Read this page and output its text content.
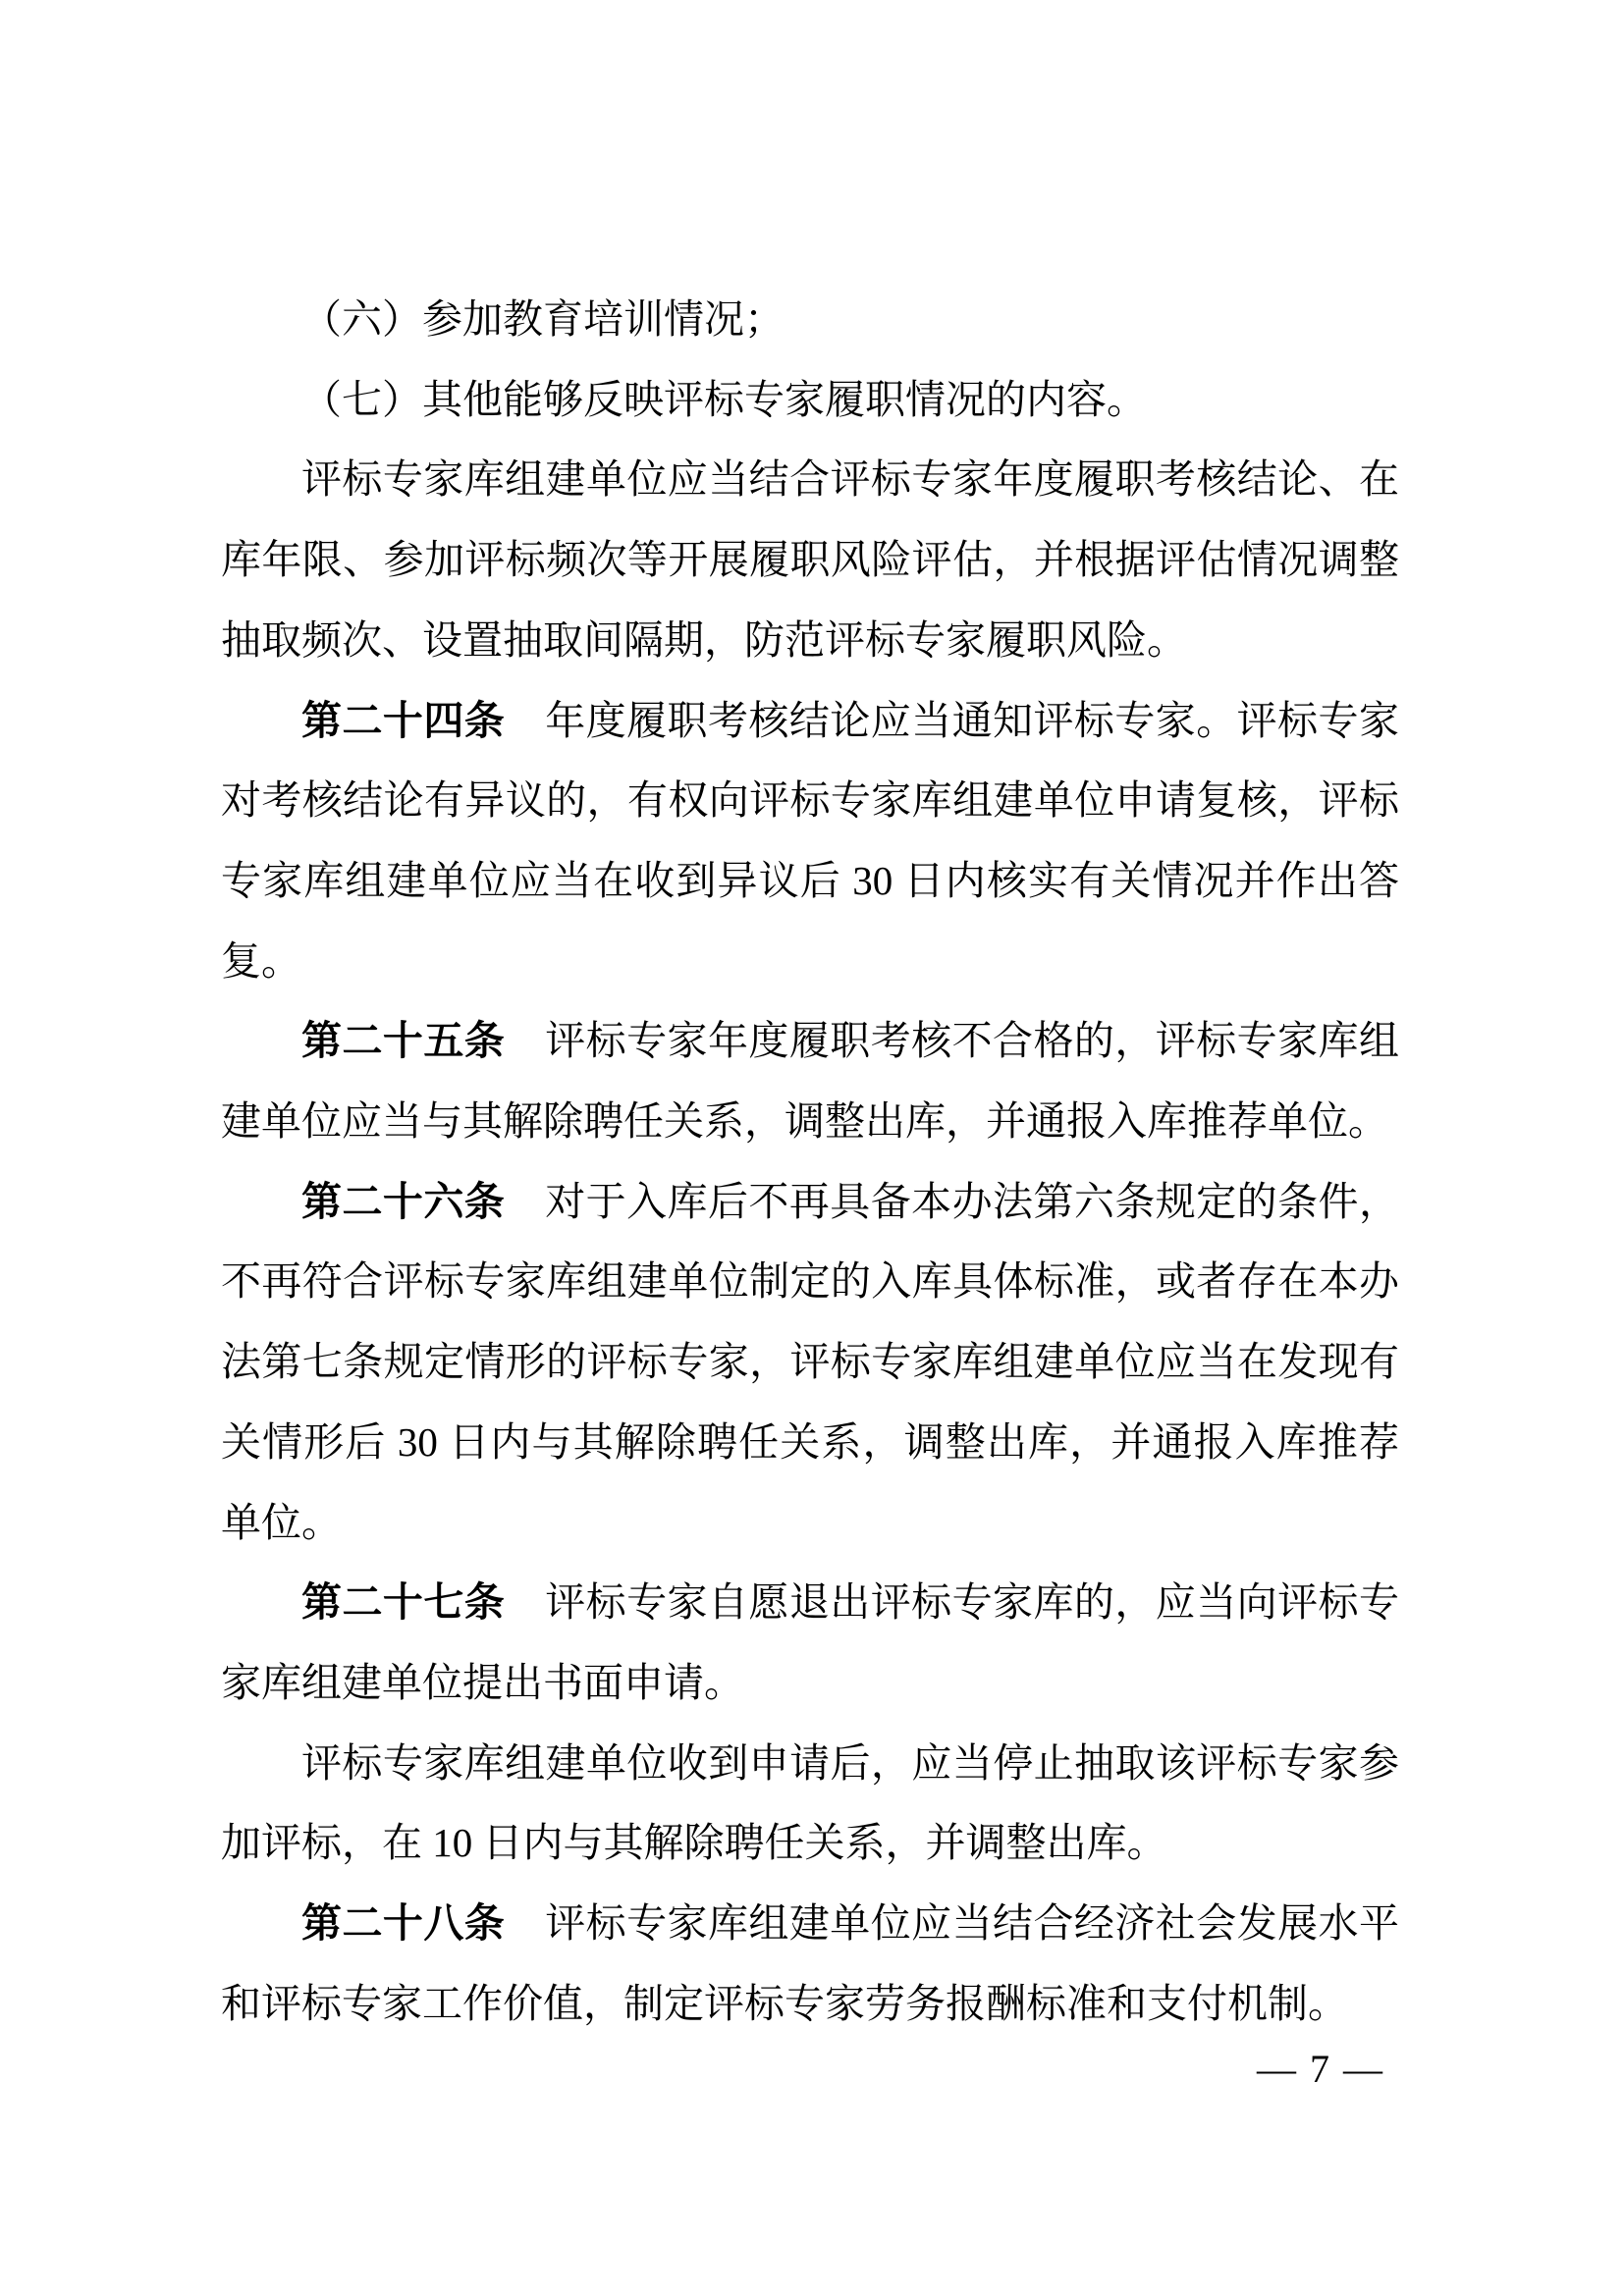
（六）参加教育培训情况；

（七）其他能够反映评标专家履职情况的内容。

评标专家库组建单位应当结合评标专家年度履职考核结论、在库年限、参加评标频次等开展履职风险评估，并根据评估情况调整抽取频次、设置抽取间隔期，防范评标专家履职风险。

第二十四条 年度履职考核结论应当通知评标专家。评标专家对考核结论有异议的，有权向评标专家库组建单位申请复核，评标专家库组建单位应当在收到异议后 30 日内核实有关情况并作出答复。

第二十五条 评标专家年度履职考核不合格的，评标专家库组建单位应当与其解除聘任关系，调整出库，并通报入库推荐单位。

第二十六条 对于入库后不再具备本办法第六条规定的条件，不再符合评标专家库组建单位制定的入库具体标准，或者存在本办法第七条规定情形的评标专家，评标专家库组建单位应当在发现有关情形后 30 日内与其解除聘任关系，调整出库，并通报入库推荐单位。

第二十七条 评标专家自愿退出评标专家库的，应当向评标专家库组建单位提出书面申请。

评标专家库组建单位收到申请后，应当停止抽取该评标专家参加评标，在 10 日内与其解除聘任关系，并调整出库。

第二十八条 评标专家库组建单位应当结合经济社会发展水平和评标专家工作价值，制定评标专家劳务报酬标准和支付机制。

— 7 —
